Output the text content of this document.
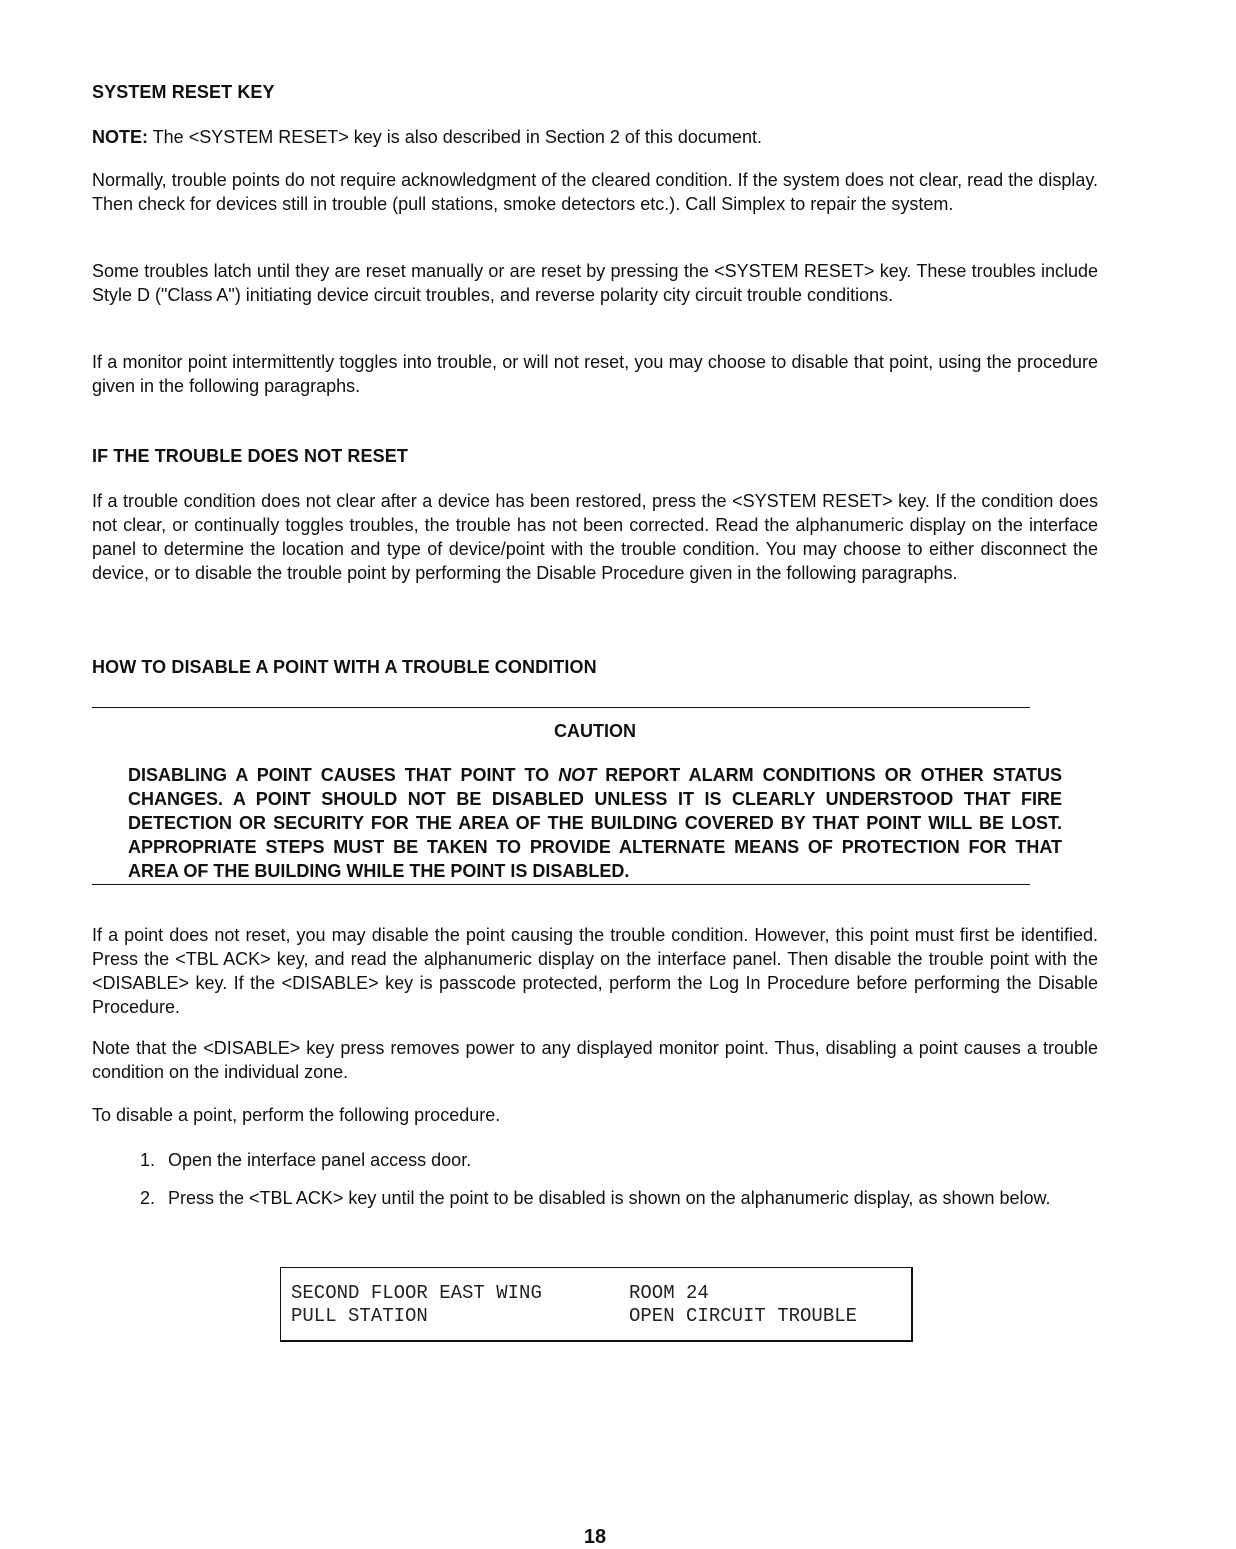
SYSTEM RESET KEY

NOTE: The <SYSTEM RESET> key is also described in Section 2 of this document.

Normally, trouble points do not require acknowledgment of the cleared condition. If the system does not clear, read the display. Then check for devices still in trouble (pull stations, smoke detectors etc.). Call Simplex to repair the system.

Some troubles latch until they are reset manually or are reset by pressing the <SYSTEM RESET> key. These troubles include Style D ("Class A") initiating device circuit troubles, and reverse polarity city circuit trouble conditions.

If a monitor point intermittently toggles into trouble, or will not reset, you may choose to disable that point, using the procedure given in the following paragraphs.

IF THE TROUBLE DOES NOT RESET

If a trouble condition does not clear after a device has been restored, press the <SYSTEM RESET> key. If the condition does not clear, or continually toggles troubles, the trouble has not been corrected. Read the alphanumeric display on the interface panel to determine the location and type of device/point with the trouble condition. You may choose to either disconnect the device, or to disable the trouble point by performing the Disable Procedure given in the following paragraphs.

HOW TO DISABLE A POINT WITH A TROUBLE CONDITION

CAUTION

DISABLING A POINT CAUSES THAT POINT TO NOT REPORT ALARM CONDITIONS OR OTHER STATUS CHANGES. A POINT SHOULD NOT BE DISABLED UNLESS IT IS CLEARLY UNDERSTOOD THAT FIRE DETECTION OR SECURITY FOR THE AREA OF THE BUILDING COVERED BY THAT POINT WILL BE LOST. APPROPRIATE STEPS MUST BE TAKEN TO PROVIDE ALTERNATE MEANS OF PROTECTION FOR THAT AREA OF THE BUILDING WHILE THE POINT IS DISABLED.

If a point does not reset, you may disable the point causing the trouble condition. However, this point must first be identified. Press the <TBL ACK> key, and read the alphanumeric display on the interface panel. Then disable the trouble point with the <DISABLE> key. If the <DISABLE> key is passcode protected, perform the Log In Procedure before performing the Disable Procedure.

Note that the <DISABLE> key press removes power to any displayed monitor point. Thus, disabling a point causes a trouble condition on the individual zone.

To disable a point, perform the following procedure.

1. Open the interface panel access door.
2. Press the <TBL ACK> key until the point to be disabled is shown on the alphanumeric display, as shown below.
SECOND FLOOR EAST WING	ROOM 24
PULL STATION	OPEN CIRCUIT TROUBLE
18
